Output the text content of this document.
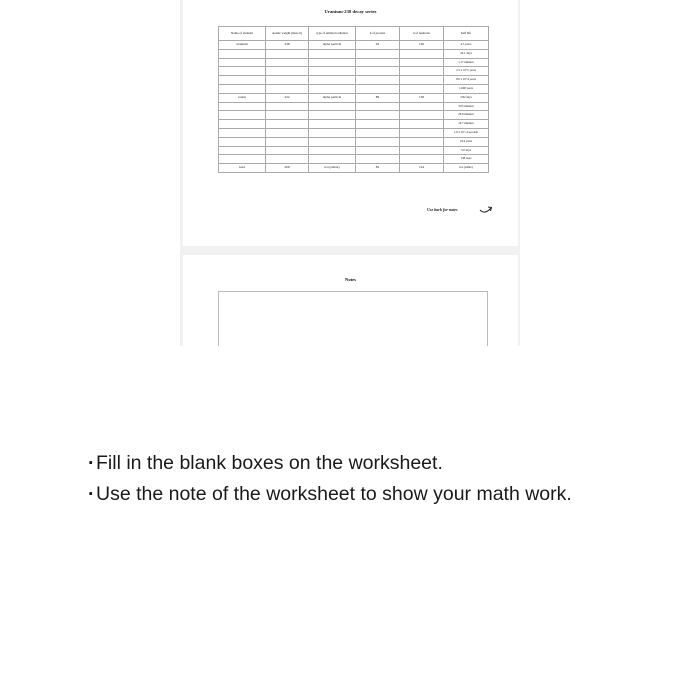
Uranium-238 decay series
Name of element	atomic weight (mass #)	type of emitted radiation	# of protons	# of neutrons	half life
uranium	238	alpha particle	92	146	4.5 years
					24.1 days
					1.17 minutes
					2.5 x 10^5 years
					8.0 x 10^4 years
					1,600 years
radon	222	alpha particle	86	136	3.82 days
					3.05 minutes
					26.8 minutes
					19.7 minutes
					1.6 x 10^-4 seconds
					19.4 years
					5.0 days
					138 days
lead	206	n/a (stable)	82	124	n/a (stable)
Use back for notes
Notes
·Fill in the blank boxes on the worksheet.
·Use the note of the worksheet to show your math work.
